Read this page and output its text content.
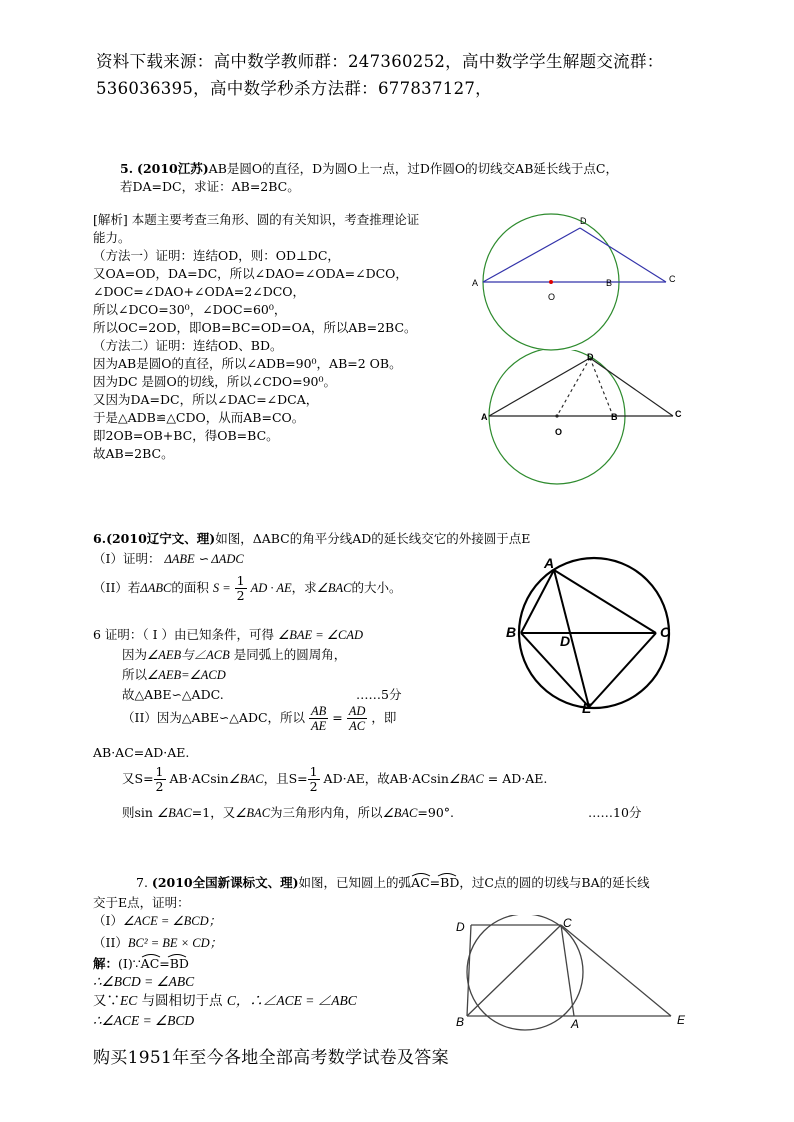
资料下载来源：高中数学教师群：247360252，高中数学学生解题交流群：
536036395，高中数学秒杀方法群：677837127，
5. (2010江苏)AB是圆O的直径，D为圆O上一点，过D作圆O的切线交AB延长线于点C，
若DA=DC，求证：AB=2BC。
[解析] 本题主要考查三角形、圆的有关知识，考查推理论证
能力。
（方法一）证明：连结OD，则：OD⊥DC，
又OA=OD，DA=DC，所以∠DAO=∠ODA=∠DCO，
∠DOC=∠DAO+∠ODA=2∠DCO，
所以∠DCO=30⁰，∠DOC=60⁰，
所以OC=2OD，即OB=BC=OD=OA，所以AB=2BC。
（方法二）证明：连结OD、BD。
因为AB是圆O的直径，所以∠ADB=90⁰，AB=2 OB。
因为DC 是圆O的切线，所以∠CDO=90⁰。
又因为DA=DC，所以∠DAC=∠DCA，
于是△ADB≌△CDO，从而AB=CO。
即2OB=OB+BC，得OB=BC。
故AB=2BC。
A	B	C
D
O
A	B	C
D
O
6.(2010辽宁文、理)如图，ΔABC的角平分线AD的延长线交它的外接圆于点E
（I）证明： ΔABE ∽ ΔADC
（II）若ΔABC的面积 $S = \frac{1}{2}$ AD · AE，求∠BAC的大小。
6 证明：（ I ）由已知条件，可得 ∠BAE = ∠CAD
因为∠AEB与∠ACB 是同弧上的圆周角，
所以∠AEB=∠ACD
故△ABE∽△ADC.	……5分
（II）因为△ABE∽△ADC，所以 $\frac{AB}{AE} = \frac{AD}{AC}$ ，即
AB·AC=AD·AE.
又$S= \frac{1}{2}$ AB·ACsin∠BAC，且$S= \frac{1}{2} AD\cdot AE$，故AB·ACsin∠BAC = AD·AE.
则sin ∠BAC=1，又∠BAC为三角形内角，所以∠BAC=90°.	……10分
A
B	C
D
E
7. (2010全国新课标文、理)如图，已知圆上的弧
AC=BD，过C点的圆的切线与BA的延长线
交于E点，证明：
（I）∠ACE = ∠BCD；
（II）BC² = BE × CD；
解：(I)∵
AC=BD
∴∠BCD = ∠ABC
又∵EC 与圆相切于点 C，∴∠ACE = ∠ABC
∴∠ACE = ∠BCD
D	C
B	A	E
购买1951年至今各地全部高考数学试卷及答案
